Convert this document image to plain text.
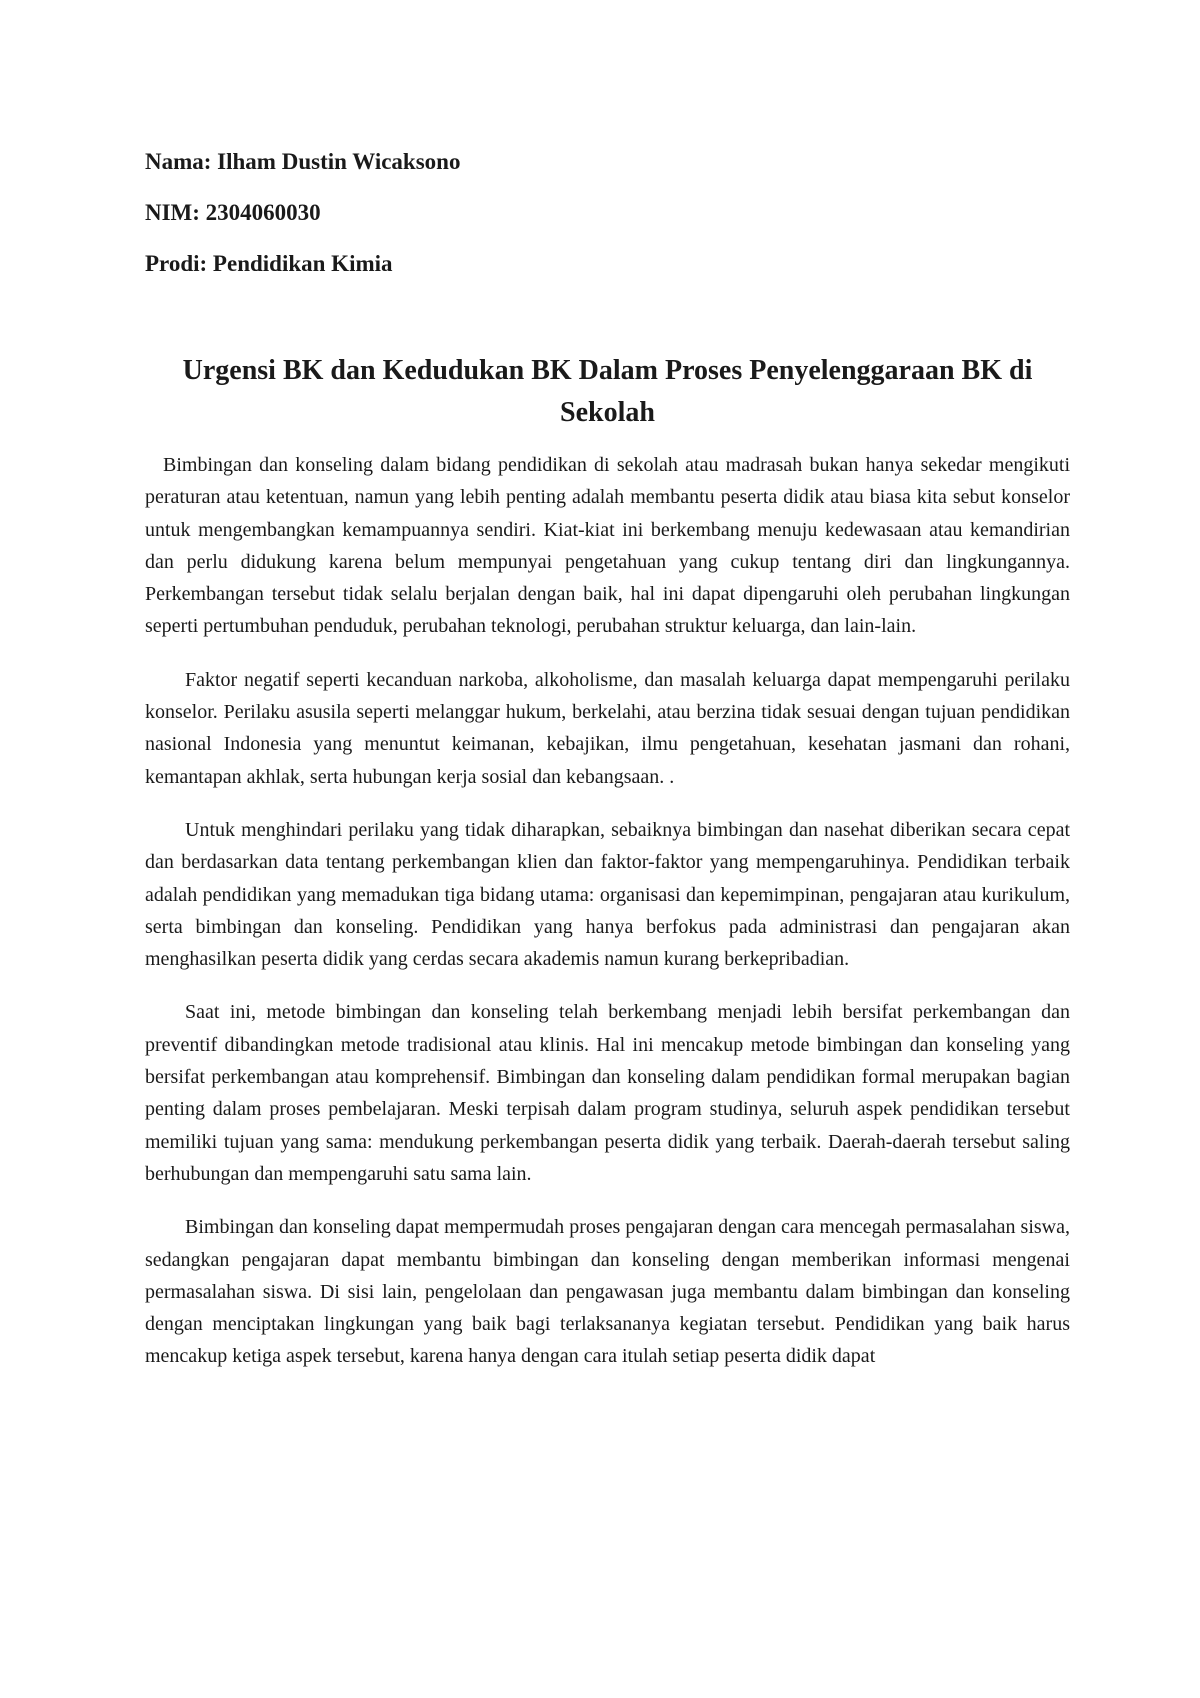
Nama: Ilham Dustin Wicaksono

NIM: 2304060030

Prodi: Pendidikan Kimia

Urgensi BK dan Kedudukan BK Dalam Proses Penyelenggaraan BK di Sekolah

Bimbingan dan konseling dalam bidang pendidikan di sekolah atau madrasah bukan hanya sekedar mengikuti peraturan atau ketentuan, namun yang lebih penting adalah membantu peserta didik atau biasa kita sebut konselor untuk mengembangkan kemampuannya sendiri. Kiat-kiat ini berkembang menuju kedewasaan atau kemandirian dan perlu didukung karena belum mempunyai pengetahuan yang cukup tentang diri dan lingkungannya. Perkembangan tersebut tidak selalu berjalan dengan baik, hal ini dapat dipengaruhi oleh perubahan lingkungan seperti pertumbuhan penduduk, perubahan teknologi, perubahan struktur keluarga, dan lain-lain.

Faktor negatif seperti kecanduan narkoba, alkoholisme, dan masalah keluarga dapat mempengaruhi perilaku konselor. Perilaku asusila seperti melanggar hukum, berkelahi, atau berzina tidak sesuai dengan tujuan pendidikan nasional Indonesia yang menuntut keimanan, kebajikan, ilmu pengetahuan, kesehatan jasmani dan rohani, kemantapan akhlak, serta hubungan kerja sosial dan kebangsaan. .

Untuk menghindari perilaku yang tidak diharapkan, sebaiknya bimbingan dan nasehat diberikan secara cepat dan berdasarkan data tentang perkembangan klien dan faktor-faktor yang mempengaruhinya. Pendidikan terbaik adalah pendidikan yang memadukan tiga bidang utama: organisasi dan kepemimpinan, pengajaran atau kurikulum, serta bimbingan dan konseling. Pendidikan yang hanya berfokus pada administrasi dan pengajaran akan menghasilkan peserta didik yang cerdas secara akademis namun kurang berkepribadian.

Saat ini, metode bimbingan dan konseling telah berkembang menjadi lebih bersifat perkembangan dan preventif dibandingkan metode tradisional atau klinis. Hal ini mencakup metode bimbingan dan konseling yang bersifat perkembangan atau komprehensif. Bimbingan dan konseling dalam pendidikan formal merupakan bagian penting dalam proses pembelajaran. Meski terpisah dalam program studinya, seluruh aspek pendidikan tersebut memiliki tujuan yang sama: mendukung perkembangan peserta didik yang terbaik. Daerah-daerah tersebut saling berhubungan dan mempengaruhi satu sama lain.

Bimbingan dan konseling dapat mempermudah proses pengajaran dengan cara mencegah permasalahan siswa, sedangkan pengajaran dapat membantu bimbingan dan konseling dengan memberikan informasi mengenai permasalahan siswa. Di sisi lain, pengelolaan dan pengawasan juga membantu dalam bimbingan dan konseling dengan menciptakan lingkungan yang baik bagi terlaksananya kegiatan tersebut. Pendidikan yang baik harus mencakup ketiga aspek tersebut, karena hanya dengan cara itulah setiap peserta didik dapat
